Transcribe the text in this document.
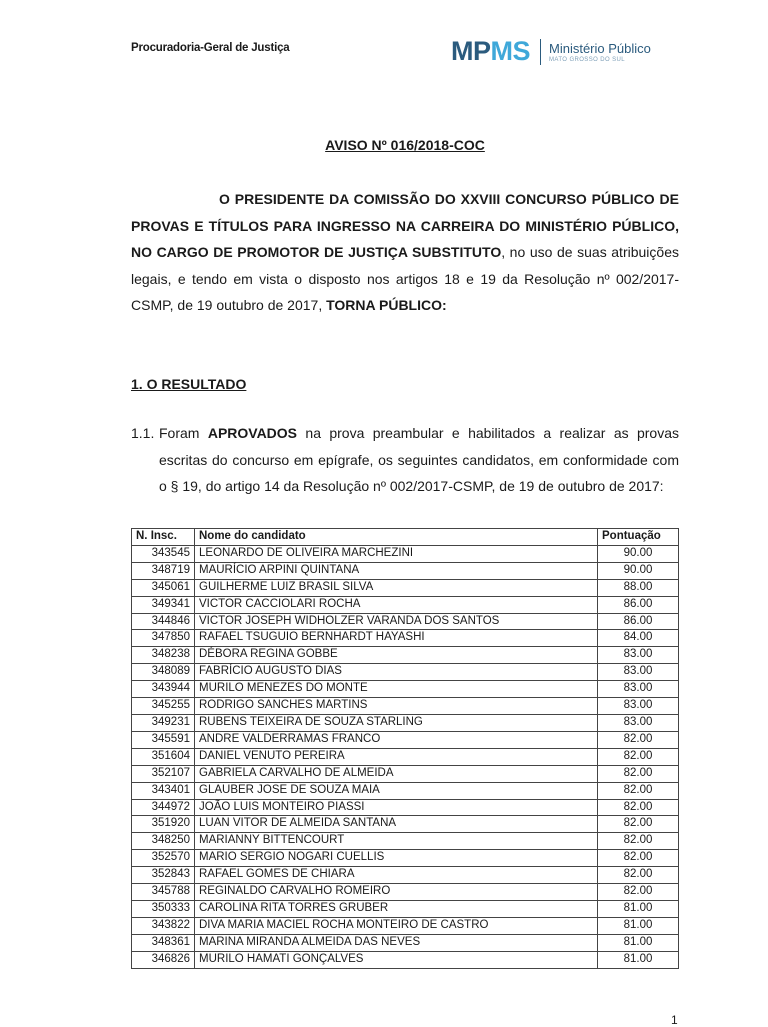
Procuradoria-Geral de Justiça	MP MS Ministério Público
MATO GROSSO DO SUL
AVISO Nº 016/2018-COC
O PRESIDENTE DA COMISSÃO DO XXVIII CONCURSO PÚBLICO DE PROVAS E TÍTULOS PARA INGRESSO NA CARREIRA DO MINISTÉRIO PÚBLICO, NO CARGO DE PROMOTOR DE JUSTIÇA SUBSTITUTO, no uso de suas atribuições legais, e tendo em vista o disposto nos artigos 18 e 19 da Resolução nº 002/2017-CSMP, de 19 outubro de 2017, TORNA PÚBLICO:
1. O RESULTADO
1.1. Foram APROVADOS na prova preambular e habilitados a realizar as provas escritas do concurso em epígrafe, os seguintes candidatos, em conformidade com o § 19, do artigo 14 da Resolução nº 002/2017-CSMP, de 19 de outubro de 2017:
N. Insc.	Nome do candidato	Pontuação
343545	LEONARDO DE OLIVEIRA MARCHEZINI	90.00
348719	MAURÍCIO ARPINI QUINTANA	90.00
345061	GUILHERME LUIZ BRASIL SILVA	88.00
349341	VICTOR CACCIOLARI ROCHA	86.00
344846	VICTOR JOSEPH WIDHOLZER VARANDA DOS SANTOS	86.00
347850	RAFAEL TSUGUIO BERNHARDT HAYASHI	84.00
348238	DÉBORA REGINA GOBBE	83.00
348089	FABRÍCIO AUGUSTO DIAS	83.00
343944	MURILO MENEZES DO MONTE	83.00
345255	RODRIGO SANCHES MARTINS	83.00
349231	RUBENS TEIXEIRA DE SOUZA STARLING	83.00
345591	ANDRE VALDERRAMAS FRANCO	82.00
351604	DANIEL VENUTO PEREIRA	82.00
352107	GABRIELA CARVALHO DE ALMEIDA	82.00
343401	GLAUBER JOSE DE SOUZA MAIA	82.00
344972	JOÃO LUIS MONTEIRO PIASSI	82.00
351920	LUAN VITOR DE ALMEIDA SANTANA	82.00
348250	MARIANNY BITTENCOURT	82.00
352570	MARIO SERGIO NOGARI CUELLIS	82.00
352843	RAFAEL GOMES DE CHIARA	82.00
345788	REGINALDO CARVALHO ROMEIRO	82.00
350333	CAROLINA RITA TORRES GRUBER	81.00
343822	DIVA MARIA MACIEL ROCHA MONTEIRO DE CASTRO	81.00
348361	MARINA MIRANDA ALMEIDA DAS NEVES	81.00
346826	MURILO HAMATI GONÇALVES	81.00
1
